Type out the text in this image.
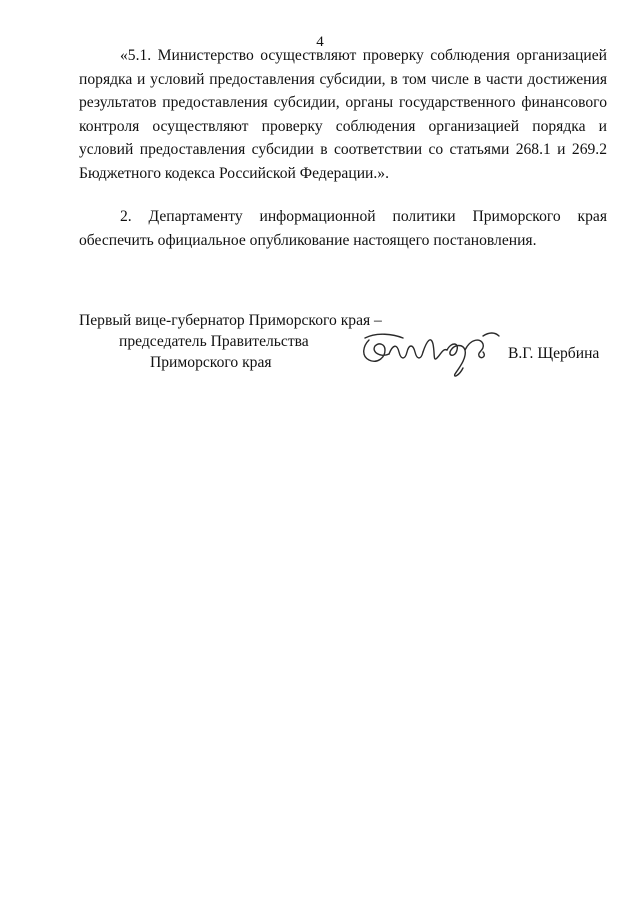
4

«5.1. Министерство осуществляют проверку соблюдения организацией порядка и условий предоставления субсидии, в том числе в части достижения результатов предоставления субсидии, органы государственного финансового контроля осуществляют проверку соблюдения организацией порядка и условий предоставления субсидии в соответствии со статьями 268.1 и 269.2 Бюджетного кодекса Российской Федерации.».

2. Департаменту информационной политики Приморского края обеспечить официальное опубликование настоящего постановления.

Первый вице-губернатор Приморского края –
председатель Правительства
Приморского края
В.Г. Щербина
